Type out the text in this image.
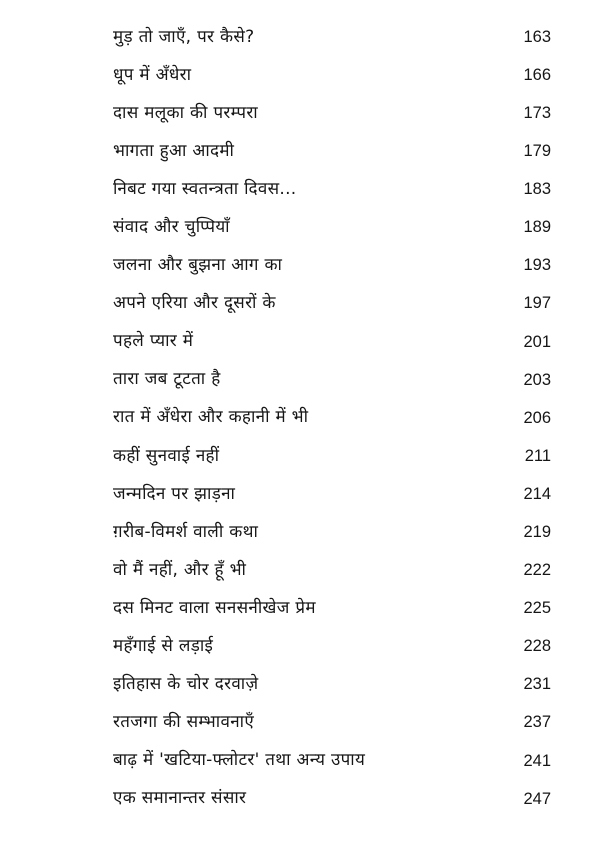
मुड़ तो जाएँ, पर कैसे?	163
धूप में अँधेरा	166
दास मलूका की परम्परा	173
भागता हुआ आदमी	179
निबट गया स्वतन्त्रता दिवस...	183
संवाद और चुप्पियाँ	189
जलना और बुझना आग का	193
अपने एरिया और दूसरों के	197
पहले प्यार में	201
तारा जब टूटता है	203
रात में अँधेरा और कहानी में भी	206
कहीं सुनवाई नहीं	211
जन्मदिन पर झाड़ना	214
ग़रीब-विमर्श वाली कथा	219
वो मैं नहीं, और हूँ भी	222
दस मिनट वाला सनसनीखेज प्रेम	225
महँगाई से लड़ाई	228
इतिहास के चोर दरवाज़े	231
रतजगा की सम्भावनाएँ	237
बाढ़ में 'खटिया-फ्लोटर' तथा अन्य उपाय	241
एक समानान्तर संसार	247
